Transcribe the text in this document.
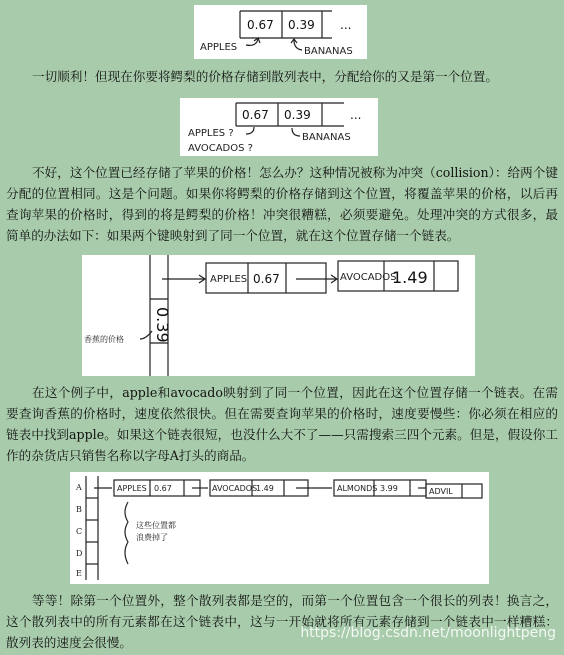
0.67 0.39 ...
APPLES	BANANAS
一切顺利！但现在你要将鳄梨的价格存储到散列表中，分配给你的又是第一个位置。
0.67 0.39	...
APPLES ?
AVOCADOS ?
BANANAS
不好，这个位置已经存储了苹果的价格！怎么办？这种情况被称为冲突（collision）：给两个键分配的位置相同。这是个问题。如果你将鳄梨的价格存储到这个位置，将覆盖苹果的价格，以后再查询苹果的价格时，得到的将是鳄梨的价格！冲突很糟糕，必须要避免。处理冲突的方式很多，最简单的办法如下：如果两个键映射到了同一个位置，就在这个位置存储一个链表。
APPLES 0.67	AVOCADOS
1.49
0.39
香蕉的价格
在这个例子中，apple和avocado映射到了同一个位置，因此在这个位置存储一个链表。在需要查询香蕉的价格时，速度依然很快。但在需要查询苹果的价格时，速度要慢些：你必须在相应的链表中找到apple。如果这个链表很短，也没什么大不了——只需搜索三四个元素。但是，假设你工作的杂货店只销售名称以字母A打头的商品。
A
B
C
D
E
APPLES 0.67	AVOCADOS
1.49	ALMONDS 3.99	ADVIL
这些位置都
浪费掉了
等等！除第一个位置外，整个散列表都是空的，而第一个位置包含一个很长的列表！换言之，这个散列表中的所有元素都在这个链表中，这与一开始就将所有元素存储到一个链表中一样糟糕：散列表的速度会很慢。
https://blog.csdn.net/moonlightpeng
